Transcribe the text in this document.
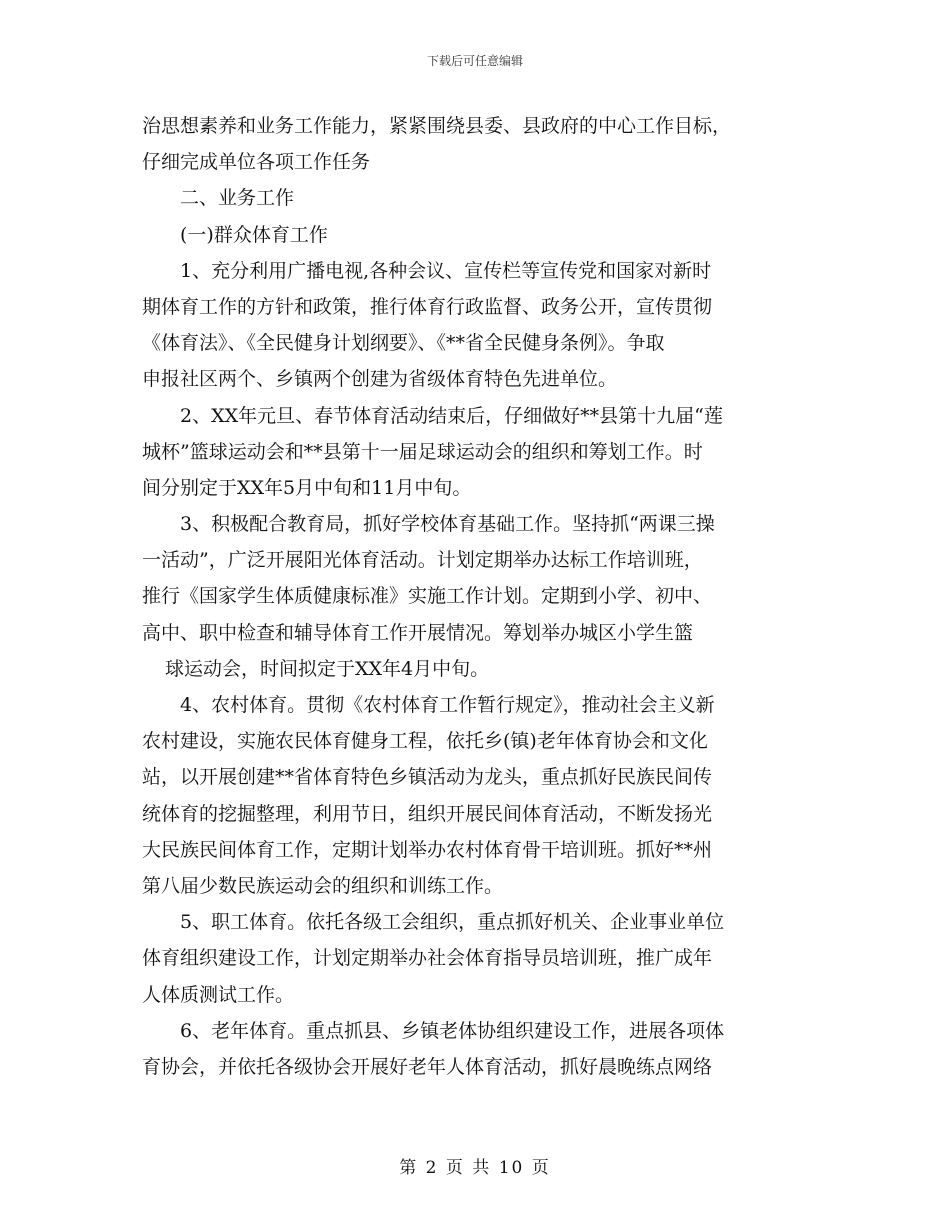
下载后可任意编辑
治思想素养和业务工作能力，紧紧围绕县委、县政府的中心工作目标，
仔细完成单位各项工作任务
二、业务工作
(一)群众体育工作
1、充分利用广播电视,各种会议、宣传栏等宣传党和国家对新时
期体育工作的方针和政策，推行体育行政监督、政务公开，宣传贯彻
《体育法》、《全民健身计划纲要》、《**省全民健身条例》。争取
申报社区两个、乡镇两个创建为省级体育特色先进单位。
2、XX年元旦、春节体育活动结束后，仔细做好**县第十九届“莲
城杯”篮球运动会和**县第十一届足球运动会的组织和筹划工作。时
间分别定于XX年5月中旬和11月中旬。
3、积极配合教育局，抓好学校体育基础工作。坚持抓“两课三操
一活动”，广泛开展阳光体育活动。计划定期举办达标工作培训班，
推行《国家学生体质健康标准》实施工作计划。定期到小学、初中、
高中、职中检查和辅导体育工作开展情况。筹划举办城区小学生篮
球运动会，时间拟定于XX年4月中旬。
4、农村体育。贯彻《农村体育工作暂行规定》，推动社会主义新
农村建设，实施农民体育健身工程，依托乡(镇)老年体育协会和文化
站，以开展创建**省体育特色乡镇活动为龙头，重点抓好民族民间传
统体育的挖掘整理，利用节日，组织开展民间体育活动，不断发扬光
大民族民间体育工作，定期计划举办农村体育骨干培训班。抓好**州
第八届少数民族运动会的组织和训练工作。
5、职工体育。依托各级工会组织，重点抓好机关、企业事业单位
体育组织建设工作，计划定期举办社会体育指导员培训班，推广成年
人体质测试工作。
6、老年体育。重点抓县、乡镇老体协组织建设工作，进展各项体
育协会，并依托各级协会开展好老年人体育活动，抓好晨晚练点网络
第 2 页 共 10 页
